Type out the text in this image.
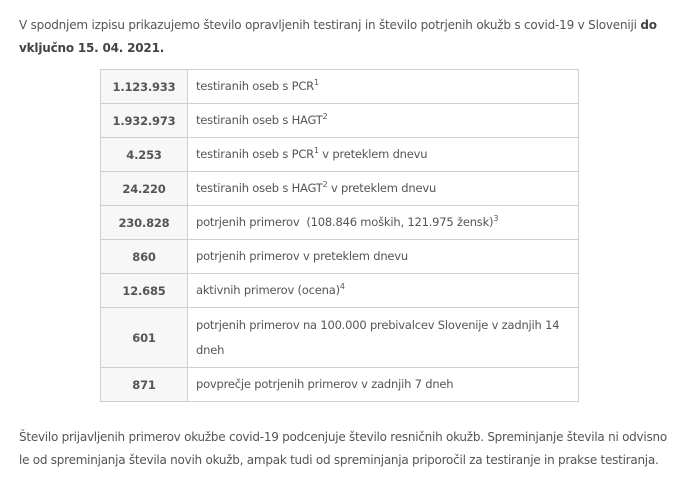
V spodnjem izpisu prikazujemo število opravljenih testiranj in število potrjenih okužb s covid-19 v Sloveniji do vključno 15. 04. 2021.

1.123.933	testiranih oseb s PCR$^1$
1.932.973	testiranih oseb s HAGT$^2$
4.253	testiranih oseb s PCR$^1$ v preteklem dnevu
24.220	testiranih oseb s HAGT$^2$ v preteklem dnevu
230.828	potrjenih primerov  (108.846 moških, 121.975 žensk)$^3$
860	potrjenih primerov v preteklem dnevu
12.685	aktivnih primerov (ocena)$^4$
601	potrjenih primerov na 100.000 prebivalcev Slovenije v zadnjih 14 dneh
871	povprečje potrjenih primerov v zadnjih 7 dneh

Število prijavljenih primerov okužbe covid-19 podcenjuje število resničnih okužb. Spreminjanje števila ni odvisno le od spreminjanja števila novih okužb, ampak tudi od spreminjanja priporočil za testiranje in prakse testiranja.
